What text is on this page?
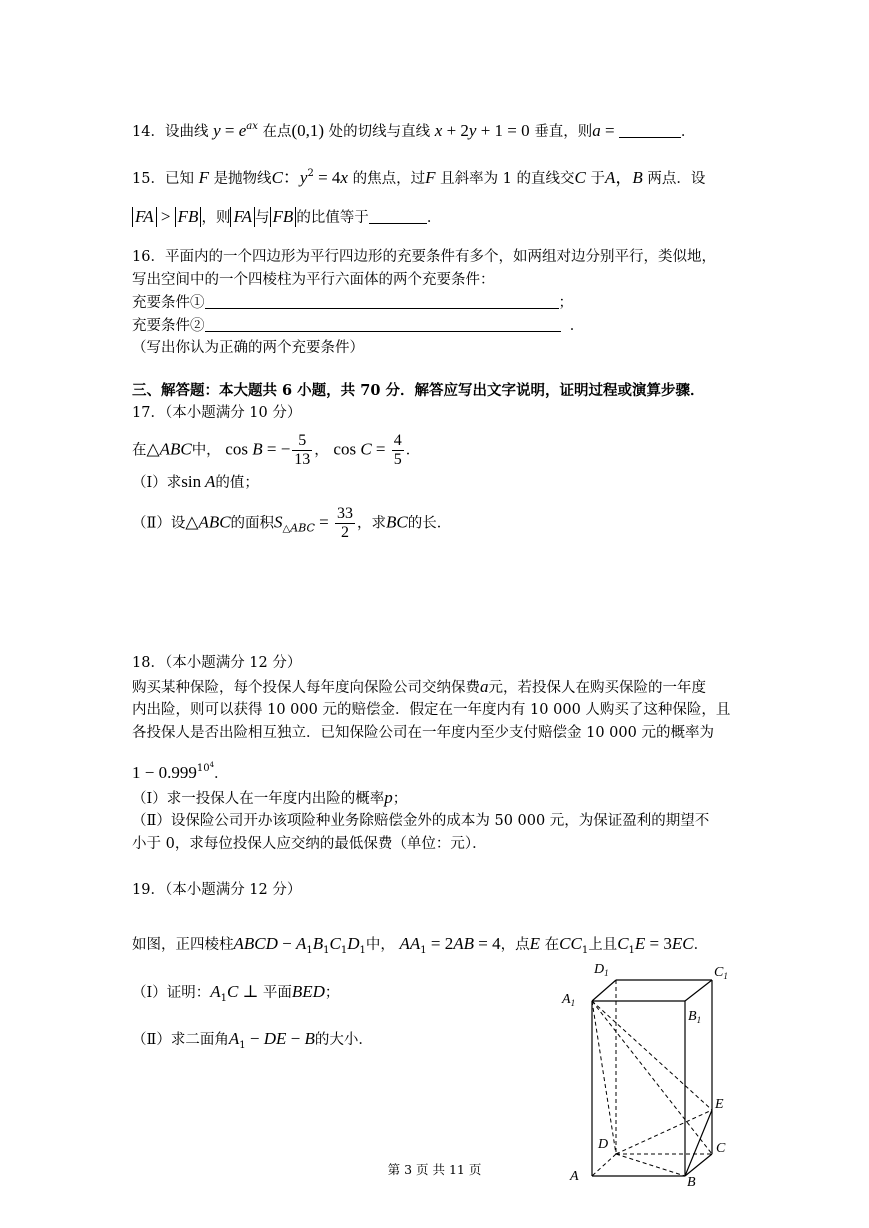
14．设曲线 $y = e^{ax}$ 在点(0,1) 处的切线与直线 x + 2y + 1 = 0 垂直，则a =	．
15．已知 F 是抛物线C：$y^2 = 4x$ 的焦点，过F 且斜率为 1 的直线交C 于A，B 两点．设
FA > FB ，则 FA 与 FB 的比值等于	．
16．平面内的一个四边形为平行四边形的充要条件有多个，如两组对边分别平行，类似地，
写出空间中的一个四棱柱为平行六面体的两个充要条件：
充要条件①	；
充要条件②	．
（写出你认为正确的两个充要条件）
三、解答题：本大题共 6 小题，共 70 分．解答应写出文字说明，证明过程或演算步骤．
17．（本小题满分 10 分）
在△ABC中， cos B = − $\frac{5}{13}$ ， $\cos C = \frac{4}{5}$ ．
（Ⅰ）求sin A的值；
（Ⅱ）设△ABC的面积$S_{\triangle ABC} = \frac{33}{2}$ ，求BC的长．
18．（本小题满分 12 分）
购买某种保险，每个投保人每年度向保险公司交纳保费a元，若投保人在购买保险的一年度
内出险，则可以获得 10 000 元的赔偿金．假定在一年度内有 10 000 人购买了这种保险，且
各投保人是否出险相互独立．已知保险公司在一年度内至少支付赔偿金 10 000 元的概率为
$1 - 0.999^{10^4}$．
（Ⅰ）求一投保人在一年度内出险的概率p；
（Ⅱ）设保险公司开办该项险种业务除赔偿金外的成本为 50 000 元，为保证盈利的期望不
小于 0，求每位投保人应交纳的最低保费（单位：元）．
19．（本小题满分 12 分）
如图，正四棱柱ABCD − $A_1B_1C_1D_1$中， $AA_1 = 2AB = 4$，点E 在$CC_1$上且$C_1E = 3EC$．
（Ⅰ）证明：$A_1C$ ⊥ 平面BED；
（Ⅱ）求二面角$A_1$ − DE − B的大小．
$D_1$	$C_1$
$A_1$
$B_1$
E
D	C
A	B
第 3 页 共 11 页
